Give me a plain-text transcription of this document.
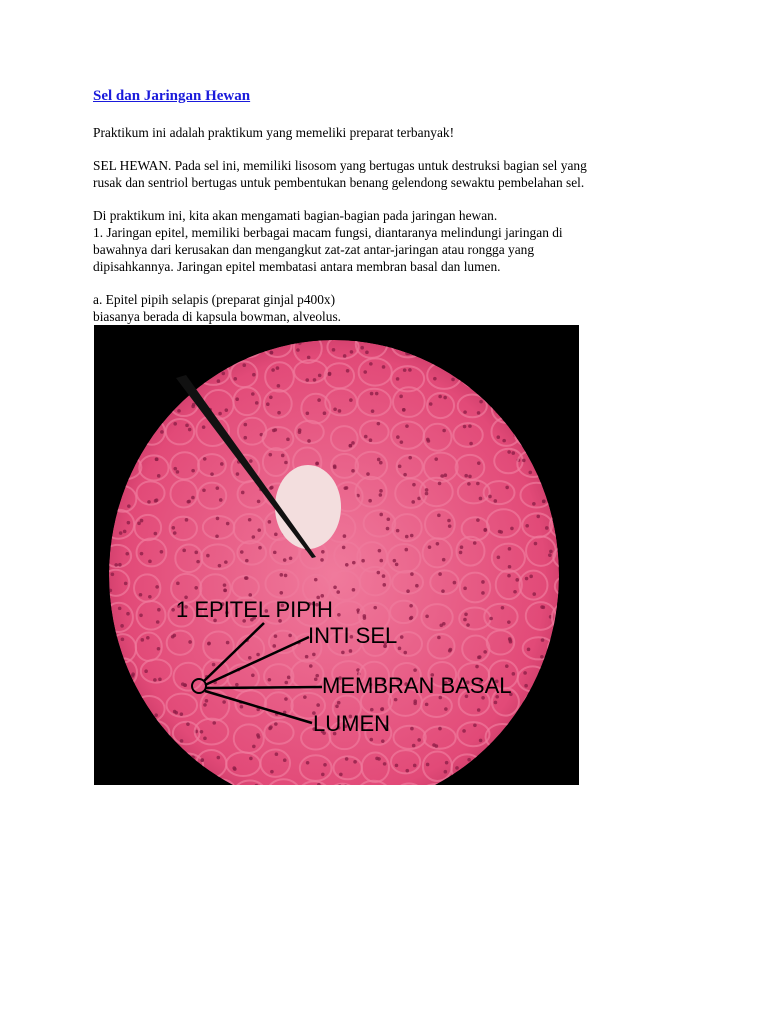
Sel dan Jaringan Hewan
Praktikum ini adalah praktikum yang memeliki preparat terbanyak!
SEL HEWAN. Pada sel ini, memiliki lisosom yang bertugas untuk destruksi bagian sel yang
rusak dan sentriol bertugas untuk pembentukan benang gelendong sewaktu pembelahan sel.
Di praktikum ini, kita akan mengamati bagian-bagian pada jaringan hewan.
1. Jaringan epitel, memiliki berbagai macam fungsi, diantaranya melindungi jaringan di
bawahnya dari kerusakan dan mengangkut zat-zat antar-jaringan atau rongga yang
dipisahkannya. Jaringan epitel membatasi antara membran basal dan lumen.
a. Epitel pipih selapis (preparat ginjal p400x)
biasanya berada di kapsula bowman, alveolus.
1 EPITEL PIPIH
INTI SEL
MEMBRAN BASAL
LUMEN
